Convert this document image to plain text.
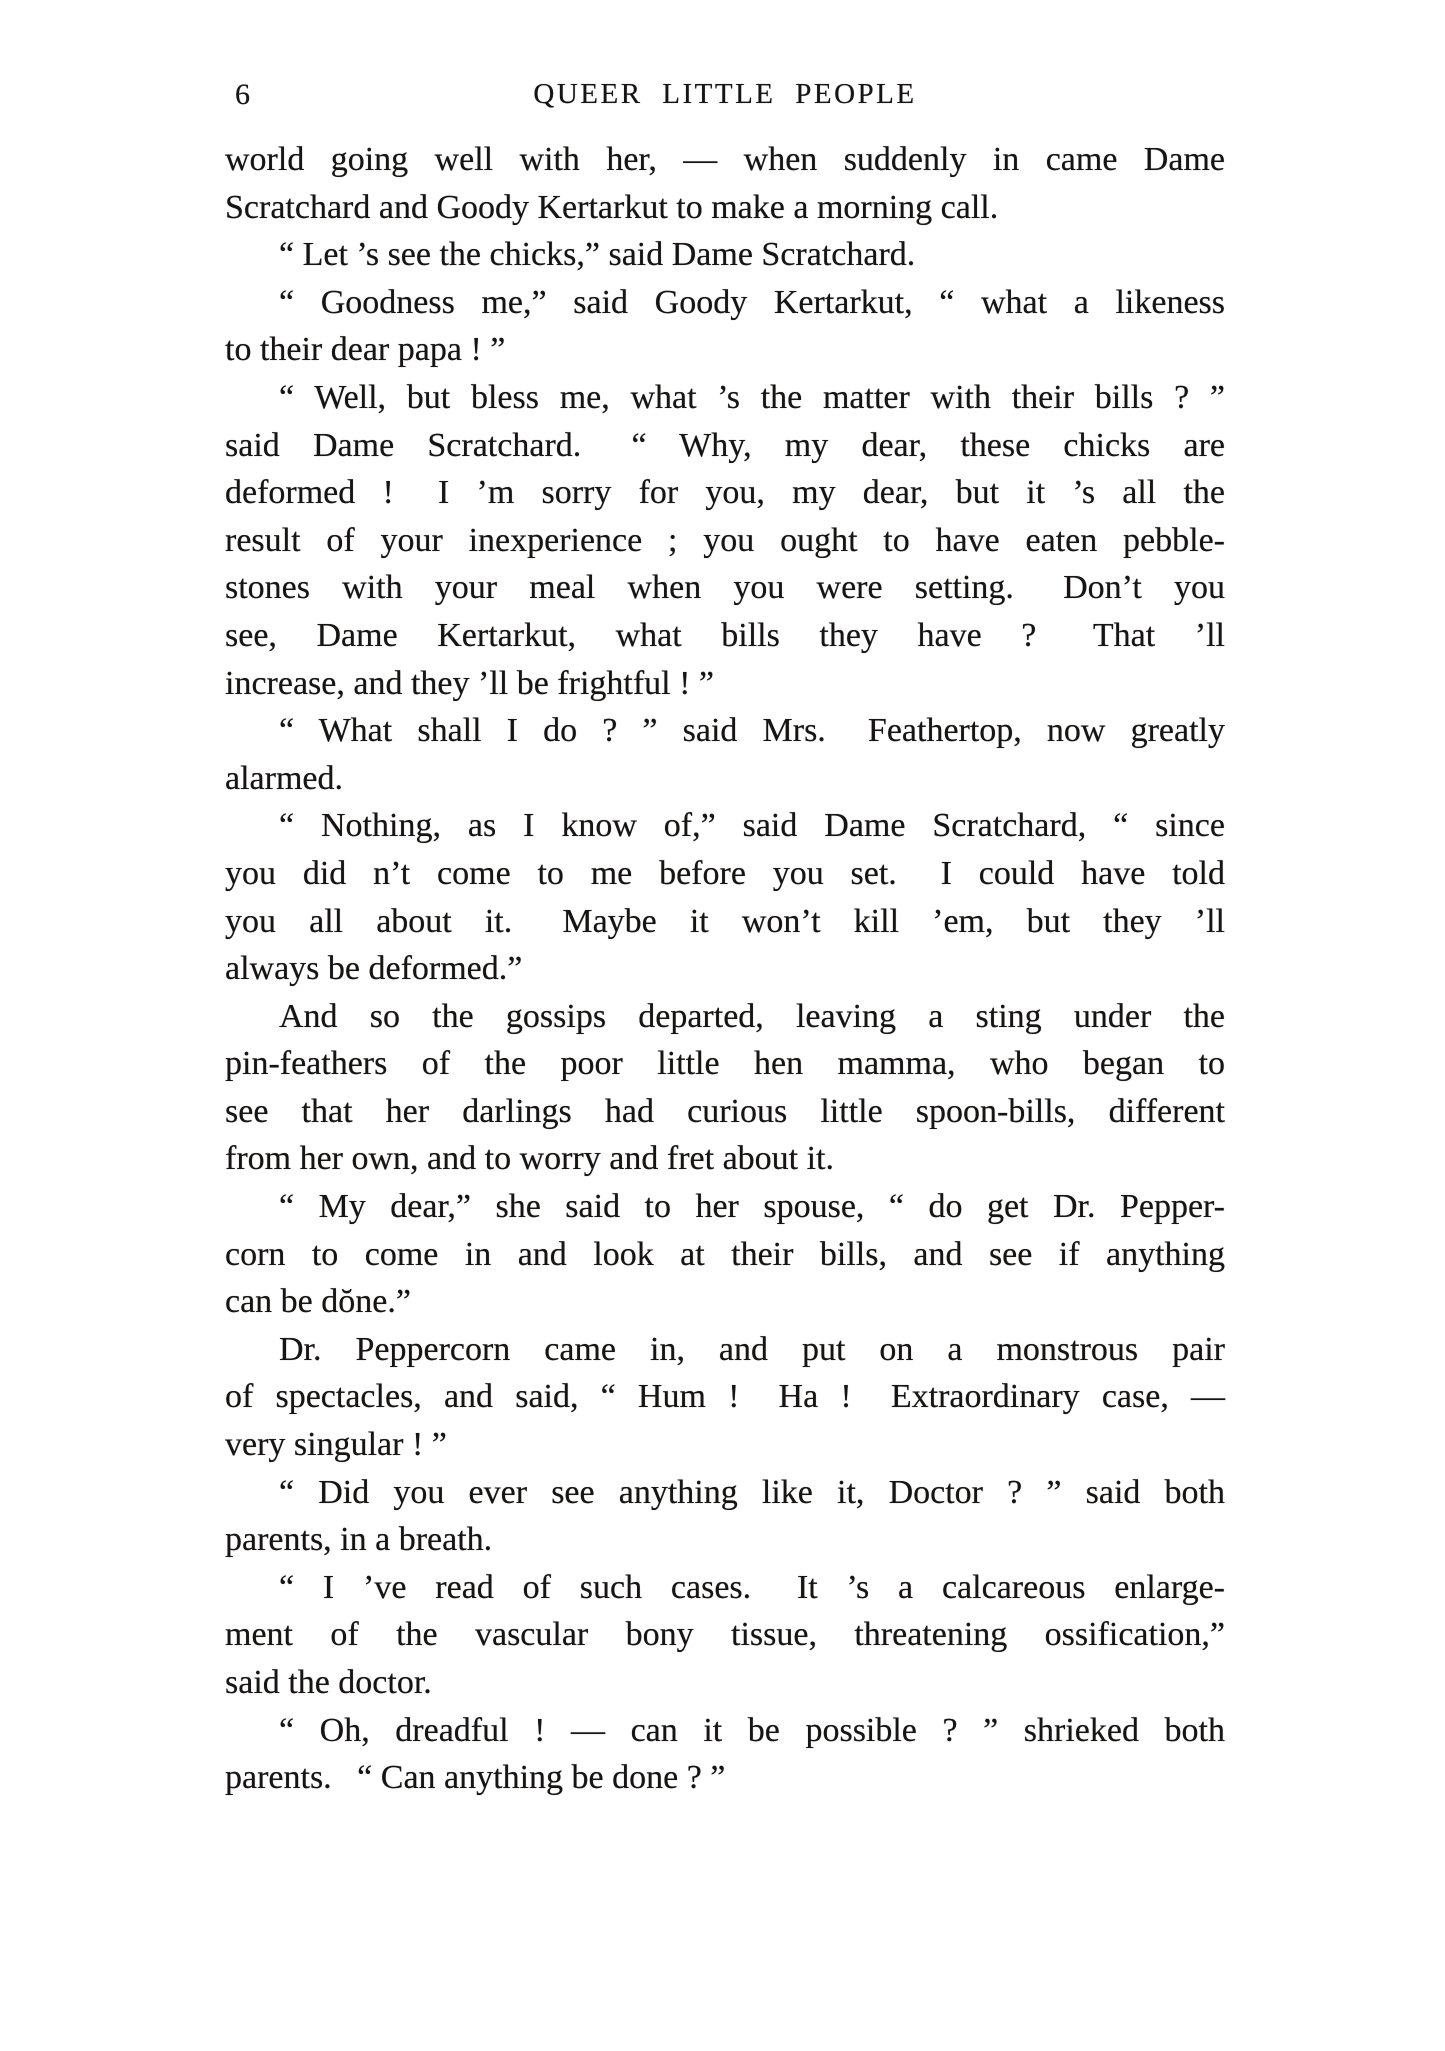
6	QUEER LITTLE PEOPLE
world going well with her, — when suddenly in came Dame
Scratchard and Goody Kertarkut to make a morning call.
“ Let ’s see the chicks,” said Dame Scratchard.
“ Goodness me,” said Goody Kertarkut, “ what a likeness
to their dear papa ! ”
“ Well, but bless me, what ’s the matter with their bills ? ”
said Dame Scratchard.  “ Why, my dear, these chicks are
deformed !  I ’m sorry for you, my dear, but it ’s all the
result of your inexperience ; you ought to have eaten pebble-
stones with your meal when you were setting.  Don’t you
see, Dame Kertarkut, what bills they have ?  That ’ll
increase, and they ’ll be frightful ! ”
“ What shall I do ? ” said Mrs.  Feathertop, now greatly
alarmed.
“ Nothing, as I know of,” said Dame Scratchard, “ since
you did n’t come to me before you set.  I could have told
you all about it.  Maybe it won’t kill ’em, but they ’ll
always be deformed.”
And so the gossips departed, leaving a sting under the
pin-feathers of the poor little hen mamma, who began to
see that her darlings had curious little spoon-bills, different
from her own, and to worry and fret about it.
“ My dear,” she said to her spouse, “ do get Dr. Pepper-
corn to come in and look at their bills, and see if anything
can be dŏne.”
Dr. Peppercorn came in, and put on a monstrous pair
of spectacles, and said, “ Hum !  Ha !  Extraordinary case, —
very singular ! ”
“ Did you ever see anything like it, Doctor ? ” said both
parents, in a breath.
“ I ’ve read of such cases.  It ’s a calcareous enlarge-
ment of the vascular bony tissue, threatening ossification,”
said the doctor.
“ Oh, dreadful ! — can it be possible ? ” shrieked both
parents.  “ Can anything be done ? ”
